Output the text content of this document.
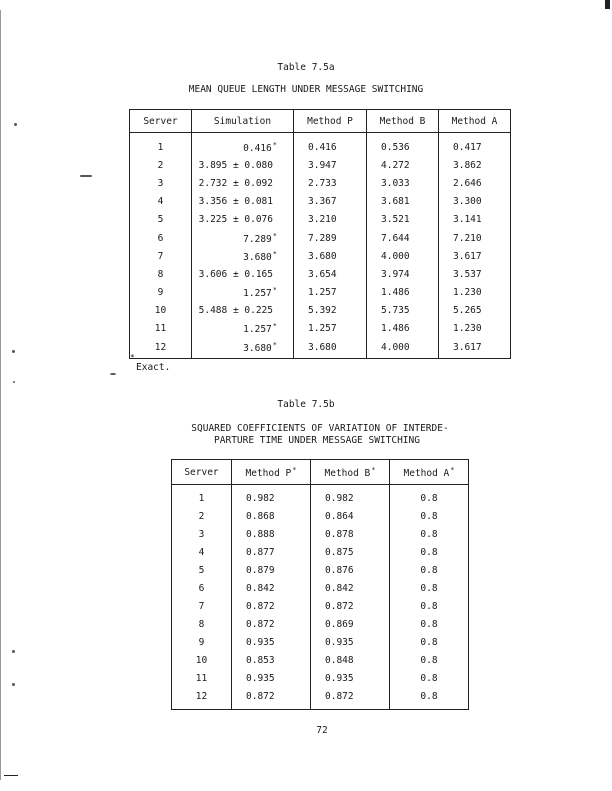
Table 7.5a
MEAN QUEUE LENGTH UNDER MESSAGE SWITCHING
Server	Simulation	Method P	Method B	Method A
1	0.416*	0.416	0.536	0.417
2	3.895 ± 0.080	3.947	4.272	3.862
3	2.732 ± 0.092	2.733	3.033	2.646
4	3.356 ± 0.081	3.367	3.681	3.300
5	3.225 ± 0.076	3.210	3.521	3.141
6	7.289*	7.289	7.644	7.210
7	3.680*	3.680	4.000	3.617
8	3.606 ± 0.165	3.654	3.974	3.537
9	1.257*	1.257	1.486	1.230
10	5.488 ± 0.225	5.392	5.735	5.265
11	1.257*	1.257	1.486	1.230
12	3.680*	3.680	4.000	3.617
*
Exact.
Table 7.5b
SQUARED COEFFICIENTS OF VARIATION OF INTERDE-
PARTURE TIME UNDER MESSAGE SWITCHING
Server	Method P*	Method B*	Method A*
1	0.982	0.982	0.8
2	0.868	0.864	0.8
3	0.888	0.878	0.8
4	0.877	0.875	0.8
5	0.879	0.876	0.8
6	0.842	0.842	0.8
7	0.872	0.872	0.8
8	0.872	0.869	0.8
9	0.935	0.935	0.8
10	0.853	0.848	0.8
11	0.935	0.935	0.8
12	0.872	0.872	0.8
72
